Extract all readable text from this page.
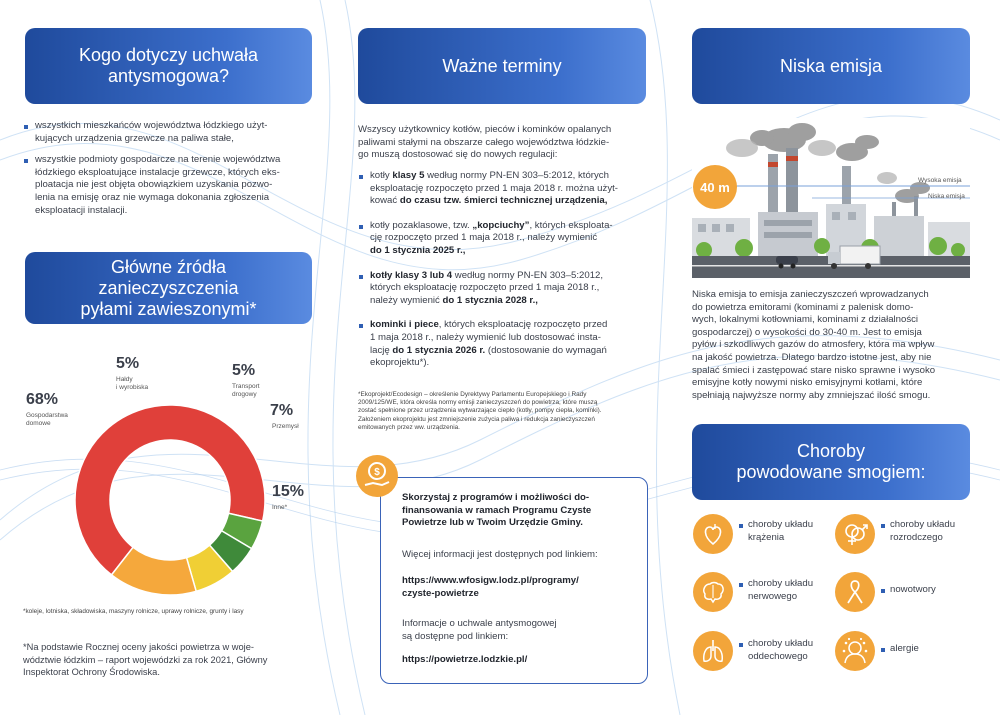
Kogo dotyczy uchwała
antysmogowa?
wszystkich mieszkańców województwa łódzkiego użyt-
kujących urządzenia grzewcze na paliwa stałe,
wszystkie podmioty gospodarcze na terenie województwa
łódzkiego eksploatujące instalacje grzewcze, których eks-
ploatacja nie jest objęta obowiązkiem uzyskania pozwo-
lenia na emisję oraz nie wymaga dokonania zgłoszenia
eksploatacji instalacji.
Główne źródła
zanieczyszczenia
pyłami zawieszonymi*
68%
Gospodarstwa
domowe
5%
Hałdy
i wyrobiska
5%
Transport
drogowy
7%
Przemysł
15%
Inne*
*koleje, lotniska, składowiska, maszyny rolnicze, uprawy rolnicze, grunty i lasy
*Na podstawie Rocznej oceny jakości powietrza w woje-
wództwie łódzkim – raport wojewódzki za rok 2021, Główny
Inspektorat Ochrony Środowiska.
Ważne terminy
Wszyscy użytkownicy kotłów, pieców i kominków opalanych
paliwami stałymi na obszarze całego województwa łódzkie-
go muszą dostosować się do nowych regulacji:
kotły klasy 5 według normy PN-EN 303–5:2012, których
eksploatację rozpoczęto przed 1 maja 2018 r. można użyt-
kować do czasu tzw. śmierci technicznej urządzenia,
kotły pozaklasowe, tzw. „kopciuchy”, których eksploata-
cję rozpoczęto przed 1 maja 2018 r., należy wymienić
do 1 stycznia 2025 r.,
kotły klasy 3 lub 4 według normy PN-EN 303–5:2012,
których eksploatację rozpoczęto przed 1 maja 2018 r.,
należy wymienić do 1 stycznia 2028 r.,
kominki i piece, których eksploatację rozpoczęto przed
1 maja 2018 r., należy wymienić lub dostosować insta-
lację do 1 stycznia 2026 r. (dostosowanie do wymagań
ekoprojektu*).
*Ekoprojekt/Ecodesign – określenie Dyrektywy Parlamentu Europejskiego i Rady
2009/125/WE, która określa normy emisji zanieczyszczeń do powietrza, które muszą
zostać spełnione przez urządzenia wytwarzające ciepło (kotły, pompy ciepła, kominki).
Założeniem ekoprojektu jest zmniejszenie zużycia paliwa i redukcja zanieczyszczeń
emitowanych przez ww. urządzenia.
$
Skorzystaj z programów i możliwości do-
finansowania w ramach Programu Czyste
Powietrze lub w Twoim Urzędzie Gminy.
Więcej informacji jest dostępnych pod linkiem:
https://www.wfosigw.lodz.pl/programy/
czyste-powietrze
Informacje o uchwale antysmogowej
są dostępne pod linkiem:
https://powietrze.lodzkie.pl/
Niska emisja
40 m	Wysoka emisja
Niska emisja
Niska emisja to emisja zanieczyszczeń wprowadzanych
do powietrza emitorami (kominami z palenisk domo-
wych, lokalnymi kotłowniami, kominami z działalności
gospodarczej) o wysokości do 30-40 m. Jest to emisja
pyłów i szkodliwych gazów do atmosfery, która ma wpływ
na jakość powietrza. Dlatego bardzo istotne jest, aby nie
spalać śmieci i zastępować stare nisko sprawne i wysoko
emisyjne kotły nowymi nisko emisyjnymi kotłami, które
spełniają najwyższe normy aby zmniejszać ilość smogu.
Choroby
powodowane smogiem:
choroby układu
krążenia
choroby układu
rozrodczego
choroby układu
nerwowego
nowotwory
choroby układu
oddechowego
alergie
